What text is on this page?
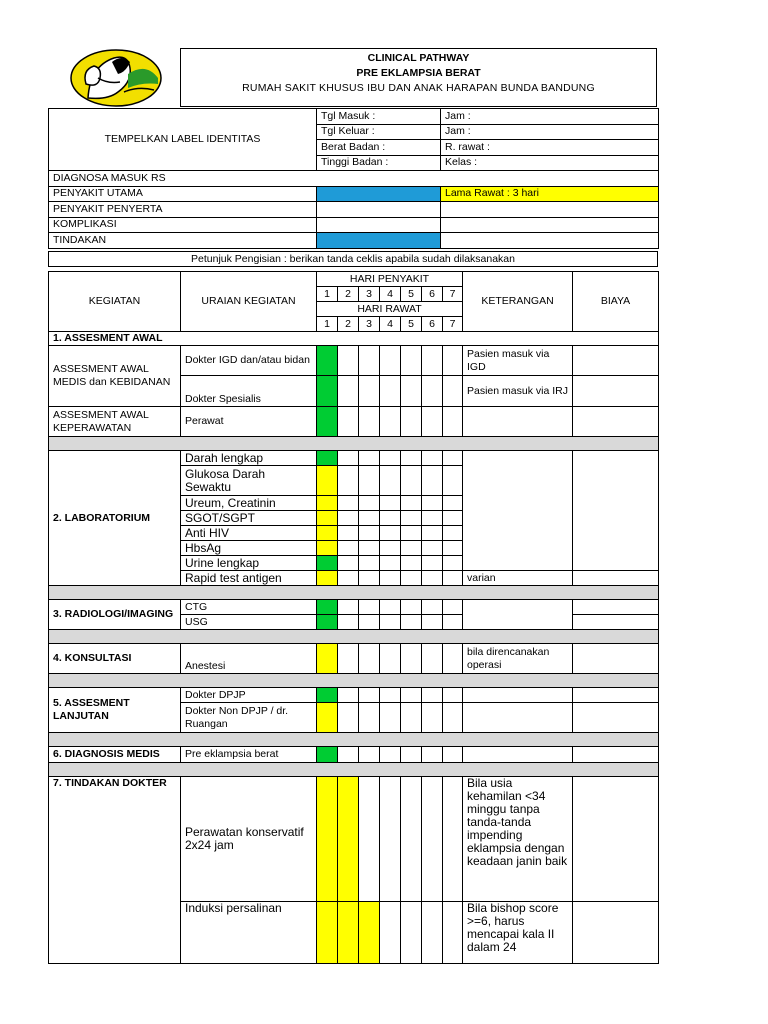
CLINICAL PATHWAY
PRE EKLAMPSIA BERAT
RUMAH SAKIT KHUSUS IBU DAN ANAK HARAPAN BUNDA BANDUNG
TEMPELKAN LABEL IDENTITAS	Tgl Masuk :	Jam :
	Tgl Keluar :	Jam :
	Berat Badan :	R. rawat :
	Tinggi Badan :	Kelas :
DIAGNOSA MASUK RS		
PENYAKIT UTAMA		Lama Rawat : 3 hari
PENYAKIT PENYERTA		
KOMPLIKASI		
TINDAKAN		
Petunjuk Pengisian : berikan tanda ceklis apabila sudah dilaksanakan
KEGIATAN	URAIAN KEGIATAN	HARI PENYAKIT							KETERANGAN	BIAYA
		1	2	3	4	5	6	7		
		HARI RAWAT								
		1	2	3	4	5	6	7		
1. ASSESMENT AWAL										
ASSESMENT AWAL MEDIS dan KEBIDANAN	Dokter IGD dan/atau bidan								Pasien masuk via IGD	
	Dokter Spesialis								Pasien masuk via IRJ	
ASSESMENT AWAL KEPERAWATAN	Perawat									

2. LABORATORIUM	Darah lengkap									
	Glukosa Darah Sewaktu									
	Ureum, Creatinin									
	SGOT/SGPT									
	Anti HIV									
	HbsAg									
	Urine lengkap									
	Rapid test antigen								varian	

3. RADIOLOGI/IMAGING	CTG									
	USG									

4. KONSULTASI	Anestesi								bila direncanakan operasi	

5. ASSESMENT LANJUTAN	Dokter DPJP									
	Dokter Non DPJP / dr. Ruangan									

6. DIAGNOSIS MEDIS	Pre eklampsia berat									

7. TINDAKAN DOKTER	Perawatan konservatif 2x24 jam								Bila usia kehamilan <34 minggu tanpa tanda-tanda impending eklampsia dengan keadaan janin baik	
	Induksi persalinan								Bila bishop score >=6, harus mencapai kala II dalam 24	
